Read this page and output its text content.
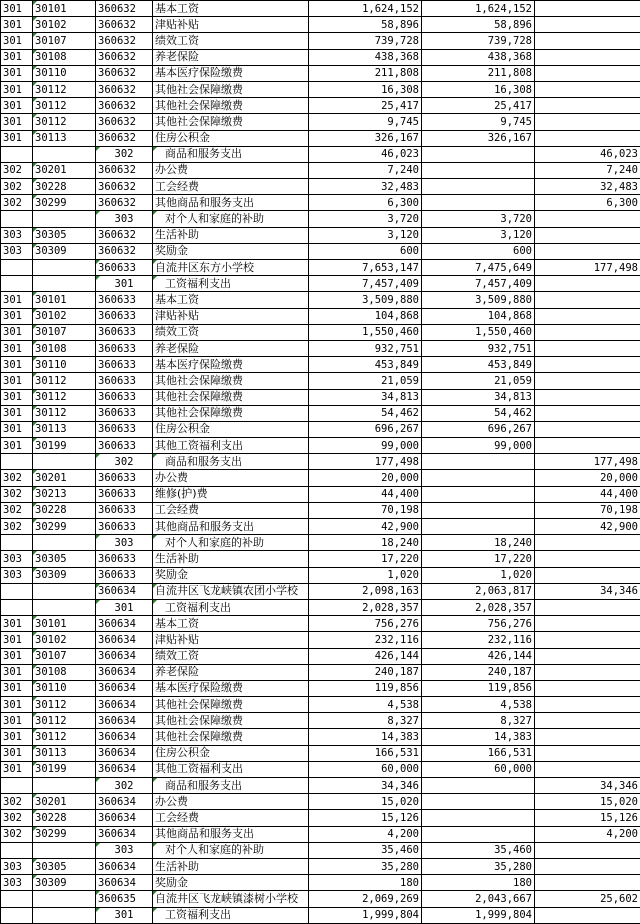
301	30101	360632	基本工资	1,624,152	1,624,152	
301	30102	360632	津贴补贴	58,896	58,896	
301	30107	360632	绩效工资	739,728	739,728	
301	30108	360632	养老保险	438,368	438,368	
301	30110	360632	基本医疗保险缴费	211,808	211,808	
301	30112	360632	其他社会保障缴费	16,308	16,308	
301	30112	360632	其他社会保障缴费	25,417	25,417	
301	30112	360632	其他社会保障缴费	9,745	9,745	
301	30113	360632	住房公积金	326,167	326,167	
		302	商品和服务支出	46,023		46,023
302	30201	360632	办公费	7,240		7,240
302	30228	360632	工会经费	32,483		32,483
302	30299	360632	其他商品和服务支出	6,300		6,300
		303	对个人和家庭的补助	3,720	3,720	
303	30305	360632	生活补助	3,120	3,120	
303	30309	360632	奖励金	600	600	
		360633	自流井区东方小学校	7,653,147	7,475,649	177,498
		301	工资福利支出	7,457,409	7,457,409	
301	30101	360633	基本工资	3,509,880	3,509,880	
301	30102	360633	津贴补贴	104,868	104,868	
301	30107	360633	绩效工资	1,550,460	1,550,460	
301	30108	360633	养老保险	932,751	932,751	
301	30110	360633	基本医疗保险缴费	453,849	453,849	
301	30112	360633	其他社会保障缴费	21,059	21,059	
301	30112	360633	其他社会保障缴费	34,813	34,813	
301	30112	360633	其他社会保障缴费	54,462	54,462	
301	30113	360633	住房公积金	696,267	696,267	
301	30199	360633	其他工资福利支出	99,000	99,000	
		302	商品和服务支出	177,498		177,498
302	30201	360633	办公费	20,000		20,000
302	30213	360633	维修(护)费	44,400		44,400
302	30228	360633	工会经费	70,198		70,198
302	30299	360633	其他商品和服务支出	42,900		42,900
		303	对个人和家庭的补助	18,240	18,240	
303	30305	360633	生活补助	17,220	17,220	
303	30309	360633	奖励金	1,020	1,020	
		360634	自流井区飞龙峡镇农团小学校	2,098,163	2,063,817	34,346
		301	工资福利支出	2,028,357	2,028,357	
301	30101	360634	基本工资	756,276	756,276	
301	30102	360634	津贴补贴	232,116	232,116	
301	30107	360634	绩效工资	426,144	426,144	
301	30108	360634	养老保险	240,187	240,187	
301	30110	360634	基本医疗保险缴费	119,856	119,856	
301	30112	360634	其他社会保障缴费	4,538	4,538	
301	30112	360634	其他社会保障缴费	8,327	8,327	
301	30112	360634	其他社会保障缴费	14,383	14,383	
301	30113	360634	住房公积金	166,531	166,531	
301	30199	360634	其他工资福利支出	60,000	60,000	
		302	商品和服务支出	34,346		34,346
302	30201	360634	办公费	15,020		15,020
302	30228	360634	工会经费	15,126		15,126
302	30299	360634	其他商品和服务支出	4,200		4,200
		303	对个人和家庭的补助	35,460	35,460	
303	30305	360634	生活补助	35,280	35,280	
303	30309	360634	奖励金	180	180	
		360635	自流井区飞龙峡镇漆树小学校	2,069,269	2,043,667	25,602
		301	工资福利支出	1,999,804	1,999,804	
